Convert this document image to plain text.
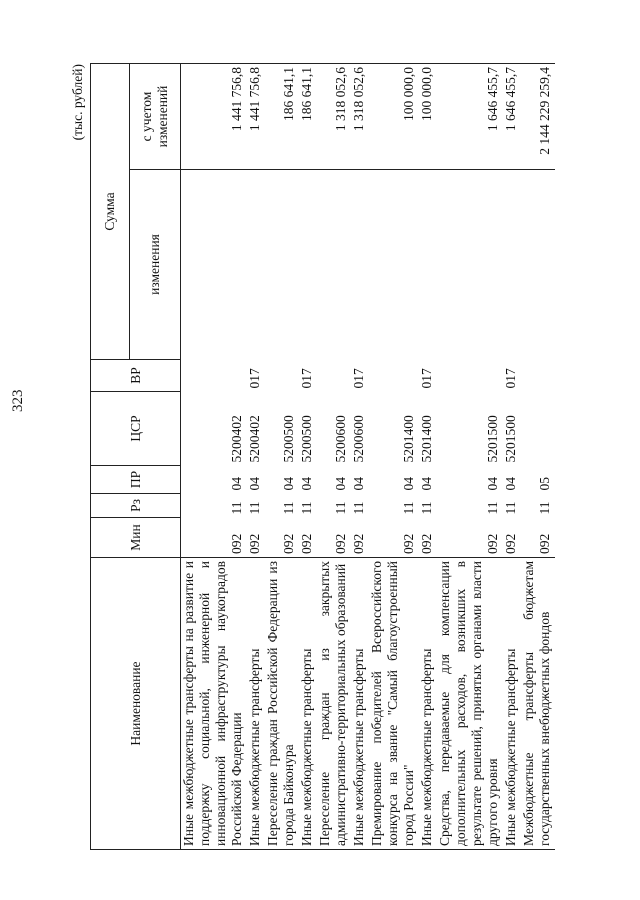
323
(тыс. рублей)
Наименование	Мин	Рз	ПР	ЦСР	ВР	Сумма	
						изменения	с учетом изменений
Иные межбюджетные трансферты на развитие и поддержку социальной, инженерной и инновационной инфраструктуры наукоградов Российской Федерации	092	11	04	5200402			1 441 756,8
Иные межбюджетные трансферты	092	11	04	5200402	017		1 441 756,8
Переселение граждан Российской Федерации из города Байконура	092	11	04	5200500			186 641,1
Иные межбюджетные трансферты	092	11	04	5200500	017		186 641,1
Переселение граждан из закрытых административно-территориальных образований	092	11	04	5200600			1 318 052,6
Иные межбюджетные трансферты	092	11	04	5200600	017		1 318 052,6
Премирование победителей Всероссийского конкурса на звание "Самый благоустроенный город России"	092	11	04	5201400			100 000,0
Иные межбюджетные трансферты	092	11	04	5201400	017		100 000,0
Средства, передаваемые для компенсации дополнительных расходов, возникших в результате решений, принятых органами власти другого уровня	092	11	04	5201500			1 646 455,7
Иные межбюджетные трансферты	092	11	04	5201500	017		1 646 455,7
Межбюджетные трансферты бюджетам государственных внебюджетных фондов	092	11	05				2 144 229 259,4
